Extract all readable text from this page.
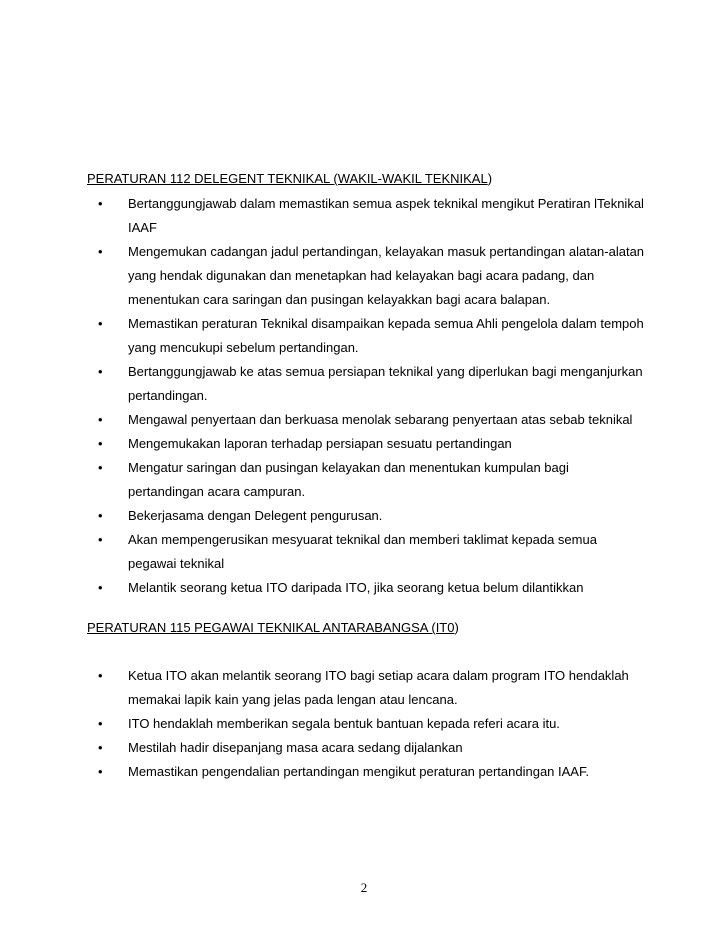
PERATURAN 112 DELEGENT TEKNIKAL (WAKIL-WAKIL TEKNIKAL)
• Bertanggungjawab dalam memastikan semua aspek teknikal mengikut Peratiran lTeknikal IAAF
• Mengemukan cadangan jadul pertandingan, kelayakan masuk pertandingan alatan-alatan yang hendak digunakan dan menetapkan had kelayakan bagi acara padang, dan menentukan cara saringan dan pusingan kelayakkan bagi acara balapan.
• Memastikan peraturan Teknikal disampaikan kepada semua Ahli pengelola dalam tempoh yang mencukupi sebelum pertandingan.
• Bertanggungjawab ke atas semua persiapan teknikal yang diperlukan bagi menganjurkan pertandingan.
• Mengawal penyertaan dan berkuasa menolak sebarang penyertaan atas sebab teknikal
• Mengemukakan laporan terhadap persiapan sesuatu pertandingan
• Mengatur saringan dan pusingan kelayakan dan menentukan kumpulan bagi pertandingan acara campuran.
• Bekerjasama dengan Delegent pengurusan.
• Akan mempengerusikan mesyuarat teknikal dan memberi taklimat kepada semua pegawai teknikal
• Melantik seorang ketua ITO daripada ITO, jika seorang ketua belum dilantikkan
PERATURAN 115 PEGAWAI TEKNIKAL ANTARABANGSA (IT0)
• Ketua ITO akan melantik seorang ITO bagi setiap acara dalam program ITO hendaklah memakai lapik kain yang jelas pada lengan atau lencana.
• ITO hendaklah memberikan segala bentuk bantuan kepada referi acara itu.
• Mestilah hadir disepanjang masa acara sedang dijalankan
• Memastikan pengendalian pertandingan mengikut peraturan pertandingan IAAF.
2
